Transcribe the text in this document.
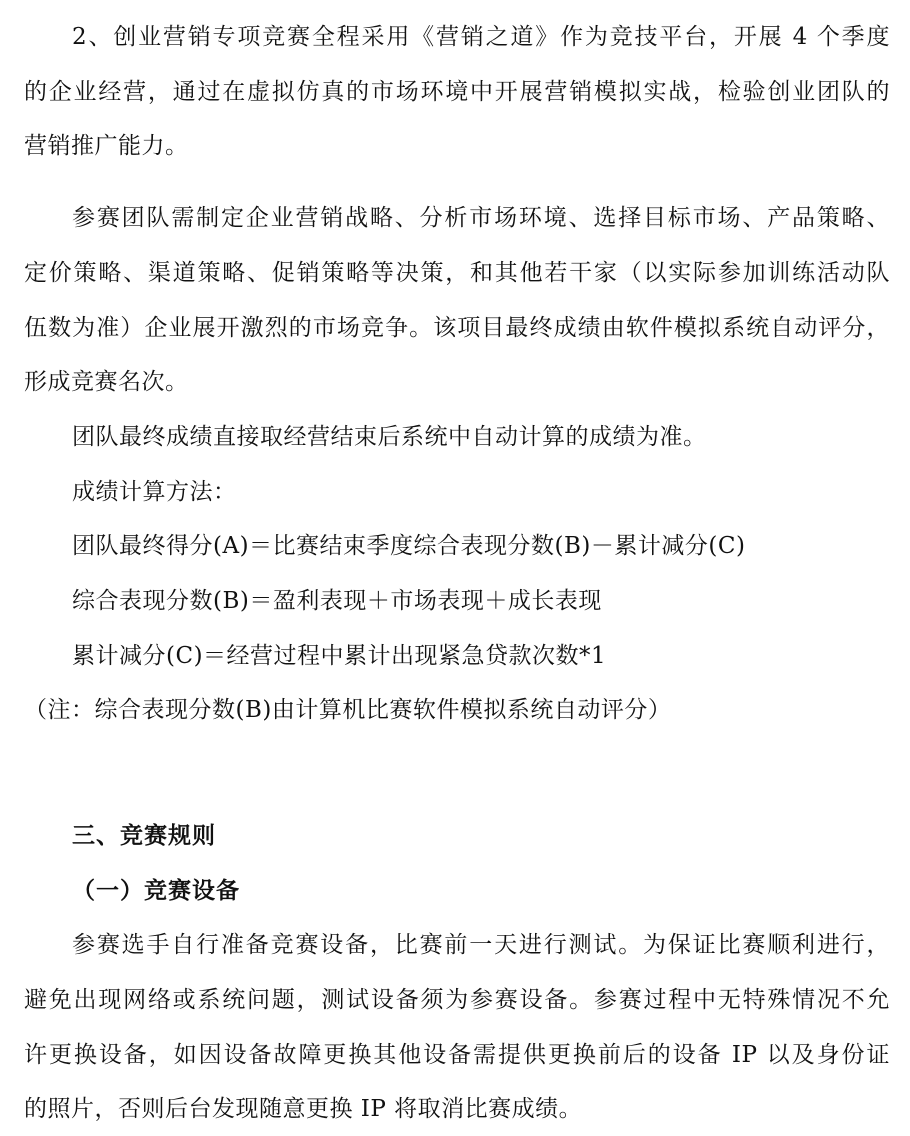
2、创业营销专项竞赛全程采用《营销之道》作为竞技平台，开展 4 个季度
的企业经营，通过在虚拟仿真的市场环境中开展营销模拟实战，检验创业团队的
营销推广能力。
参赛团队需制定企业营销战略、分析市场环境、选择目标市场、产品策略、
定价策略、渠道策略、促销策略等决策，和其他若干家（以实际参加训练活动队
伍数为准）企业展开激烈的市场竞争。该项目最终成绩由软件模拟系统自动评分，
形成竞赛名次。
团队最终成绩直接取经营结束后系统中自动计算的成绩为准。
成绩计算方法：
团队最终得分(A)＝比赛结束季度综合表现分数(B)－累计减分(C)
综合表现分数(B)＝盈利表现＋市场表现＋成长表现
累计减分(C)＝经营过程中累计出现紧急贷款次数*1
（注：综合表现分数(B)由计算机比赛软件模拟系统自动评分）
三、竞赛规则
（一）竞赛设备
参赛选手自行准备竞赛设备，比赛前一天进行测试。为保证比赛顺利进行，
避免出现网络或系统问题，测试设备须为参赛设备。参赛过程中无特殊情况不允
许更换设备，如因设备故障更换其他设备需提供更换前后的设备 IP 以及身份证
的照片，否则后台发现随意更换 IP 将取消比赛成绩。
